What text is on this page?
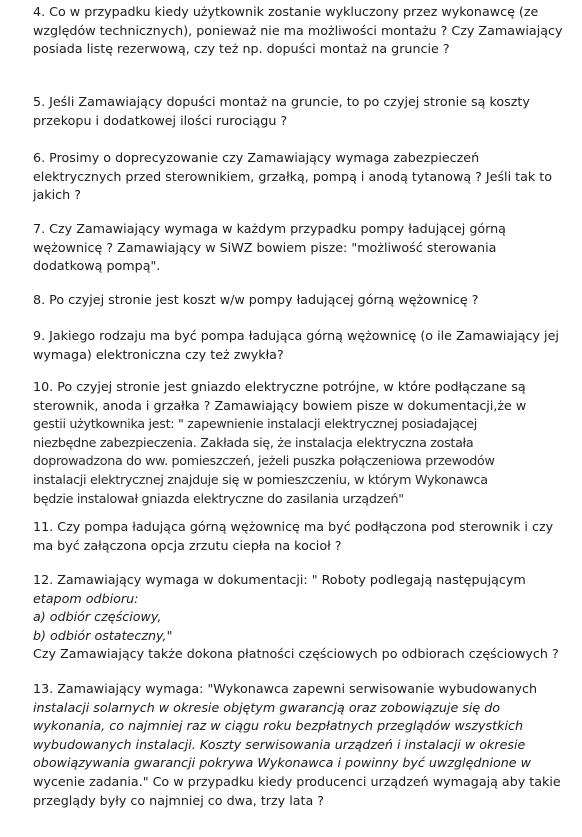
4. Co w przypadku kiedy użytkownik zostanie wykluczony przez wykonawcę (ze
względów technicznych), ponieważ nie ma możliwości montażu ? Czy Zamawiający
posiada listę rezerwową, czy też np. dopuści montaż na gruncie ?
5. Jeśli Zamawiający dopuści montaż na gruncie, to po czyjej stronie są koszty
przekopu i dodatkowej ilości rurociągu ?
6. Prosimy o doprecyzowanie czy Zamawiający wymaga zabezpieczeń
elektrycznych przed sterownikiem, grzałką, pompą i anodą tytanową ? Jeśli tak to
jakich ?
7. Czy Zamawiający wymaga w każdym przypadku pompy ładującej górną
wężownicę ? Zamawiający w SiWZ bowiem pisze: "możliwość sterowania
dodatkową pompą".
8. Po czyjej stronie jest koszt w/w pompy ładującej górną wężownicę ?
9. Jakiego rodzaju ma być pompa ładująca górną wężownicę (o ile Zamawiający jej
wymaga) elektroniczna czy też zwykła?
10. Po czyjej stronie jest gniazdo elektryczne potrójne, w które podłączane są
sterownik, anoda i grzałka ? Zamawiający bowiem pisze w dokumentacji,że w
gestii użytkownika jest: " zapewnienie instalacji elektrycznej posiadającej
niezbędne zabezpieczenia. Zakłada się, że instalacja elektryczna została
doprowadzona do ww. pomieszczeń, jeżeli puszka połączeniowa przewodów
instalacji elektrycznej znajduje się w pomieszczeniu, w którym Wykonawca
będzie instalował gniazda elektryczne do zasilania urządzeń"
11. Czy pompa ładująca górną wężownicę ma być podłączona pod sterownik i czy
ma być załączona opcja zrzutu ciepła na kocioł ?
12. Zamawiający wymaga w dokumentacji: " Roboty podlegają następującym
etapom odbioru:
a) odbiór częściowy,
b) odbiór ostateczny,"
Czy Zamawiający także dokona płatności częściowych po odbiorach częściowych ?
13. Zamawiający wymaga: "Wykonawca zapewni serwisowanie wybudowanych
instalacji solarnych w okresie objętym gwarancją oraz zobowiązuje się do
wykonania, co najmniej raz w ciągu roku bezpłatnych przeglądów wszystkich
wybudowanych instalacji. Koszty serwisowania urządzeń i instalacji w okresie
obowiązywania gwarancji pokrywa Wykonawca i powinny być uwzględnione w
wycenie zadania." Co w przypadku kiedy producenci urządzeń wymagają aby takie
przeglądy były co najmniej co dwa, trzy lata ?
